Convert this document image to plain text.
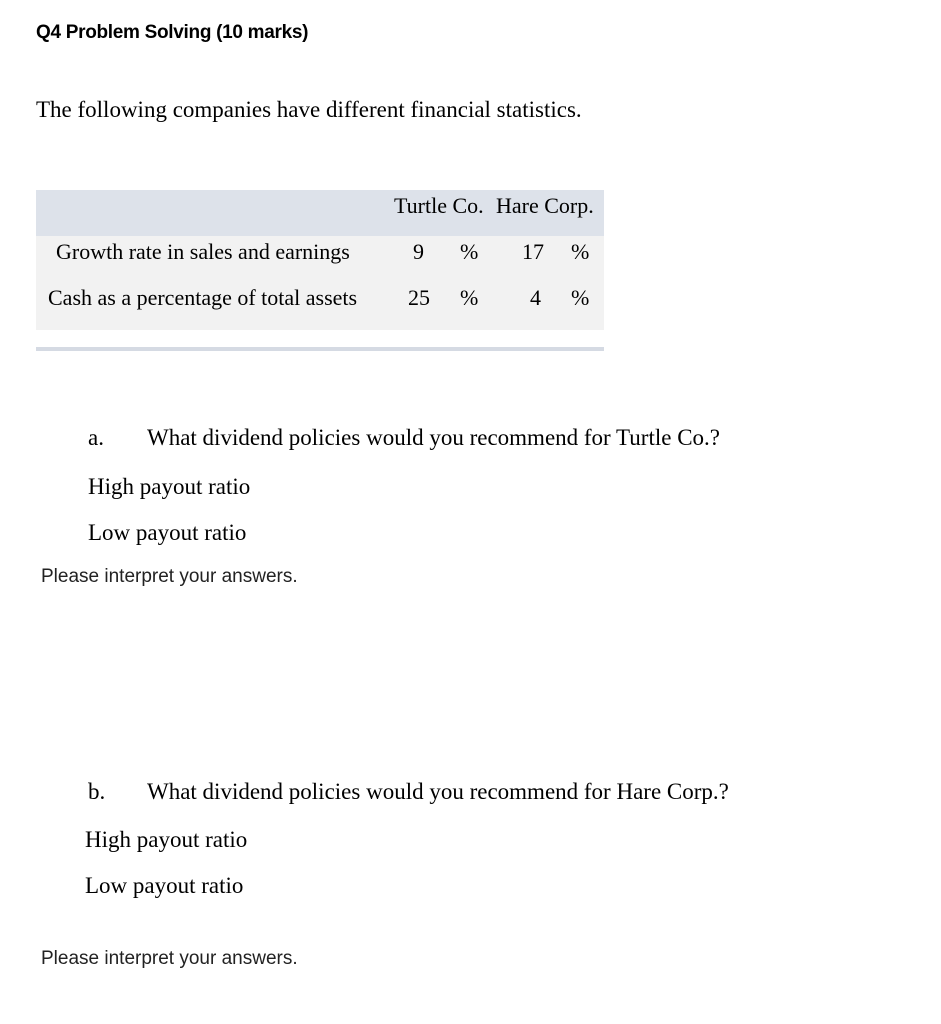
Q4 Problem Solving (10 marks)
The following companies have different financial statistics.
Turtle Co. Hare Corp.
Growth rate in sales and earnings	9 % 17 %
Cash as a percentage of total assets 25 % 4 %
a. What dividend policies would you recommend for Turtle Co.?
High payout ratio
Low payout ratio
Please interpret your answers.
b. What dividend policies would you recommend for Hare Corp.?
High payout ratio
Low payout ratio
Please interpret your answers.
